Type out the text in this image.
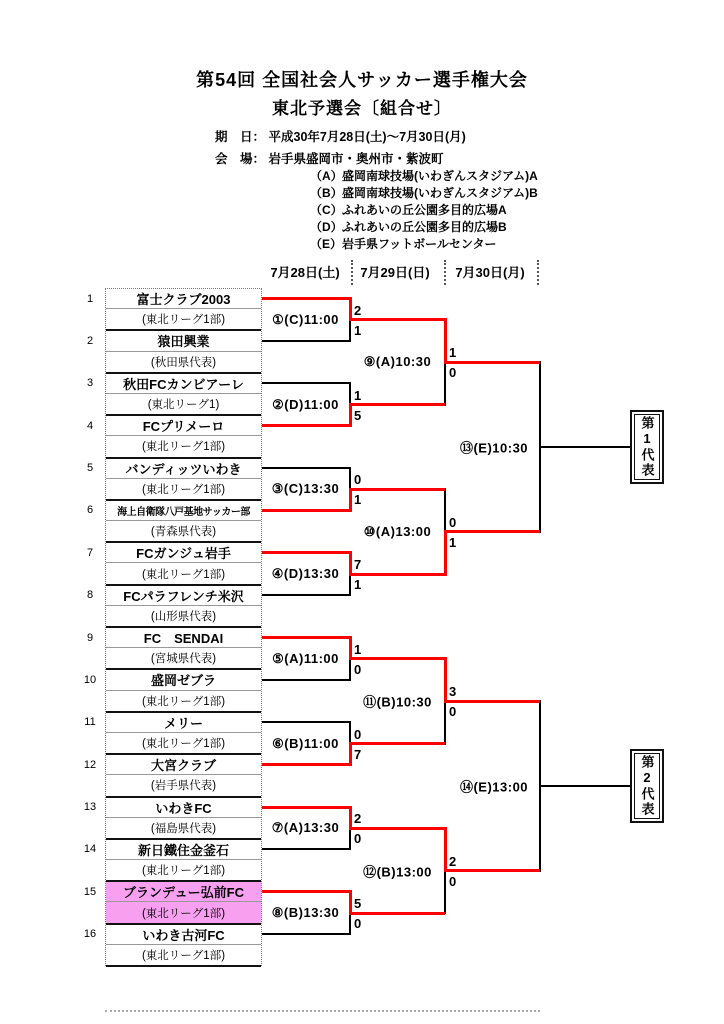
第54回 全国社会人サッカー選手権大会
東北予選会〔組合せ〕
期　日： 平成30年7月28日(土)～7月30日(月)
会　場： 岩手県盛岡市・奥州市・紫波町
（A） 盛岡南球技場(いわぎんスタジアム)A
（B） 盛岡南球技場(いわぎんスタジアム)B
（C） ふれあいの丘公園多目的広場A
（D） ふれあいの丘公園多目的広場B
（E） 岩手県フットボールセンター
7月28日(土)	7月29日(日)	7月30日(月)
富士クラブ2003
(東北リーグ1部)
猿田興業
(秋田県代表)
秋田FCカンビアーレ
(東北リーグ1)
FCプリメーロ
(東北リーグ1部)
バンディッツいわき
(東北リーグ1部)
海上自衛隊八戸基地サッカー部
(青森県代表)
FCガンジュ岩手
(東北リーグ1部)
FCパラフレンチ米沢
(山形県代表)
FC　SENDAI
(宮城県代表)
盛岡ゼブラ
(東北リーグ1部)
メリー
(東北リーグ1部)
大宮クラブ
(岩手県代表)
いわきFC
(福島県代表)
新日鐵住金釜石
(東北リーグ1部)
ブランデュー弘前FC
(東北リーグ1部)
いわき古河FC
(東北リーグ1部)
①(C)11:00
2
1
②(D)11:00
1
5
③(C)13:30
0
1
④(D)13:30
7
1
⑤(A)11:00
1
0
⑥(B)11:00
0
7
⑦(A)13:30
2
0
⑧(B)13:30
5
0
⑨(A)10:30
1
0
⑩(A)13:00
0
1
⑪(B)10:30
3
0
⑫(B)13:00
2
0
⑬(E)10:30
⑭(E)13:00
第1代表
第2代表
1
2
3
4
5
6
7
8
9
10
11
12
13
14
15
16
